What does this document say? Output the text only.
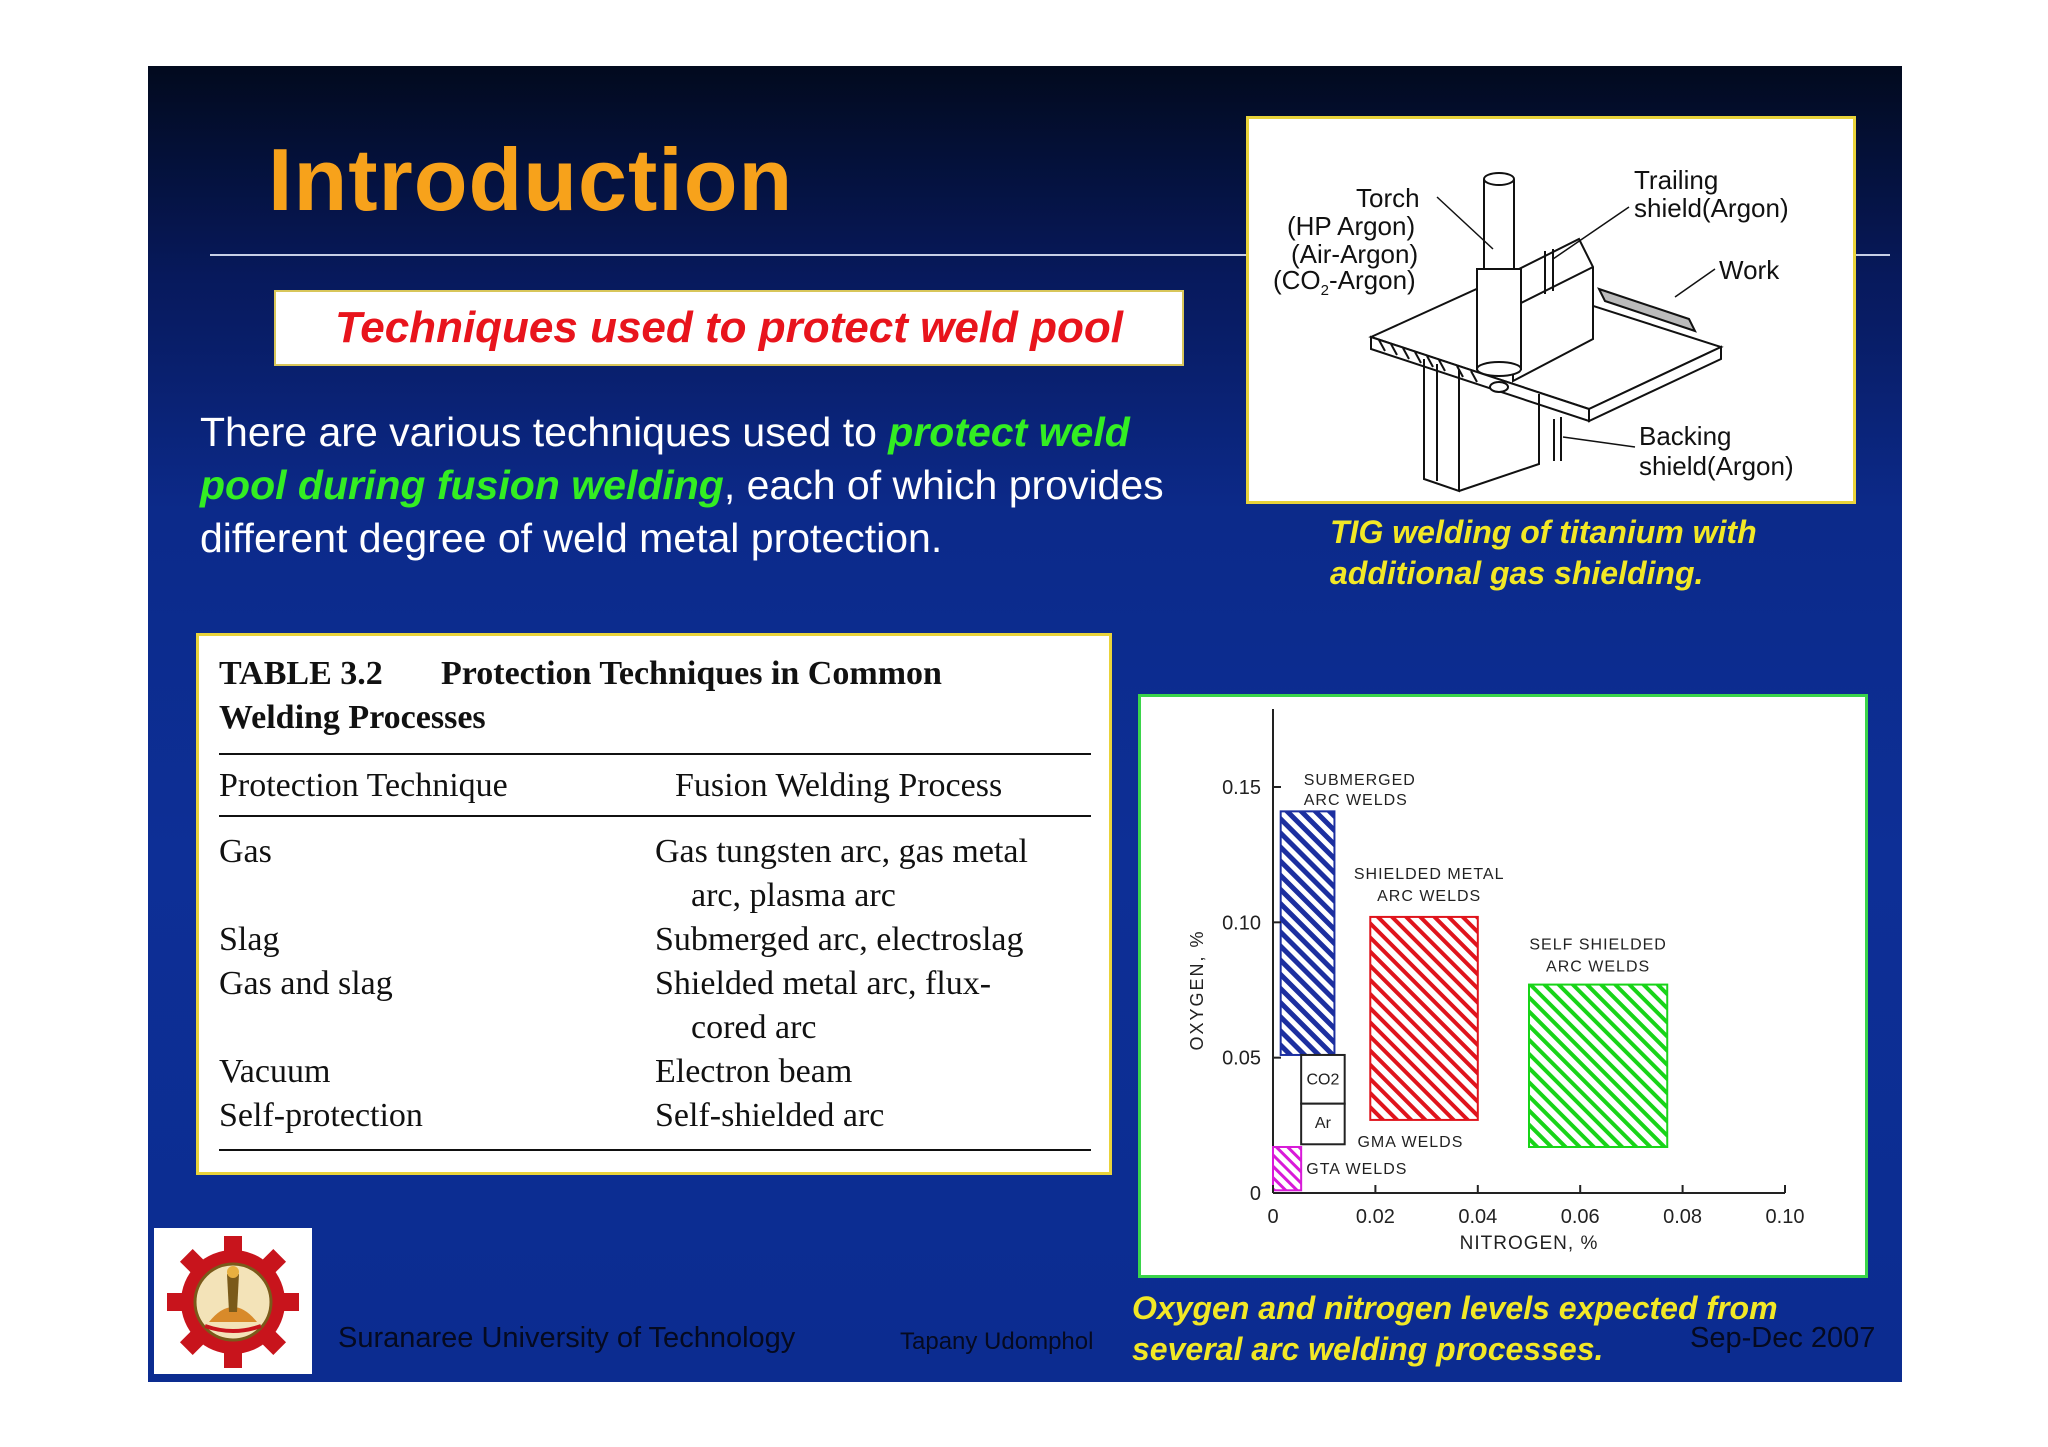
Introduction
Techniques used to protect weld pool

There are various techniques used to protect weld pool during fusion welding, each of which provides different degree of weld metal protection.

Torch
(HP Argon)
(Air-Argon)
$(CO_2-Argon)$
Trailing
shield(Argon)
Work
Backing
shield(Argon)

TIG welding of titanium with

additional gas shielding.

TABLE 3.2 Protection Techniques in Common
Welding Processes
Protection Technique	Fusion Welding Process
Gas	Gas tungsten arc, gas metal
arc, plasma arc
Slag	Submerged arc, electroslag
Gas and slag	Shielded metal arc, flux-
cored arc
Vacuum	Electron beam
Self-protection	Self-shielded arc
0	0.02	0.04	0.06	0.08	0.10
0
0.05
0.10
0.15
OXYGEN, %
NITROGEN, %
SUBMERGED
ARC WELDS
SHIELDED METAL
ARC WELDS
SELF SHIELDED
ARC WELDS
CO2
Ar
GTA WELDS
GMA WELDS

Oxygen and nitrogen levels expected from

several arc welding processes.

Suranaree University of Technology	Tapany Udomphol	Sep-Dec 2007
